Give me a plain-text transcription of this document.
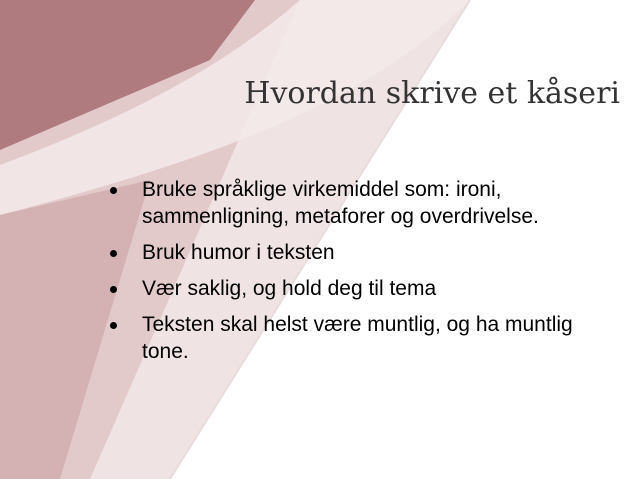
Hvordan skrive et kåseri
Bruke språklige virkemiddel som: ironi, sammenligning, metaforer og overdrivelse.
Bruk humor i teksten
Vær saklig, og hold deg til tema
Teksten skal helst være muntlig, og ha muntlig tone.
